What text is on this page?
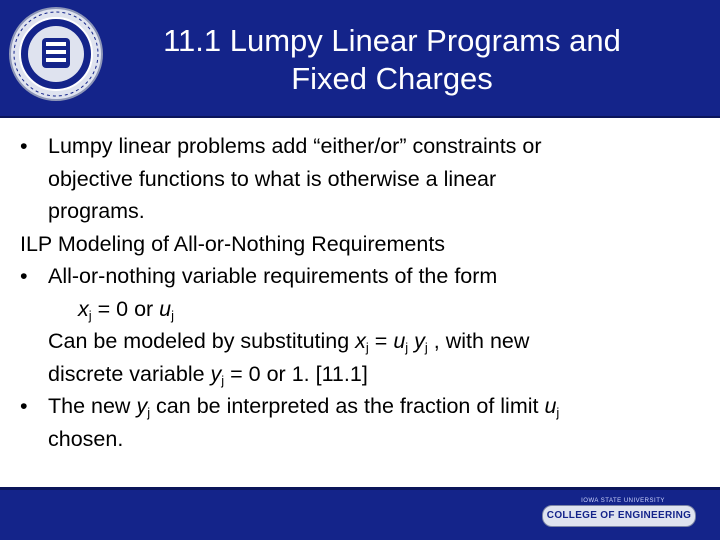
11.1 Lumpy Linear Programs and
Fixed Charges
• Lumpy linear problems add “either/or” constraints or
objective functions to what is otherwise a linear
programs.
ILP Modeling of All-or-Nothing Requirements
• All-or-nothing variable requirements of the form
$x_j = 0$ or $u_j$
Can be modeled by substituting $x_j = u_j$ $y_j$ , with new
discrete variable $y_j = 0$ or 1. [11.1]
• The new $y_j$ can be interpreted as the fraction of limit $u_j$
chosen.
IOWA STATE UNIVERSITY
COLLEGE OF ENGINEERING
